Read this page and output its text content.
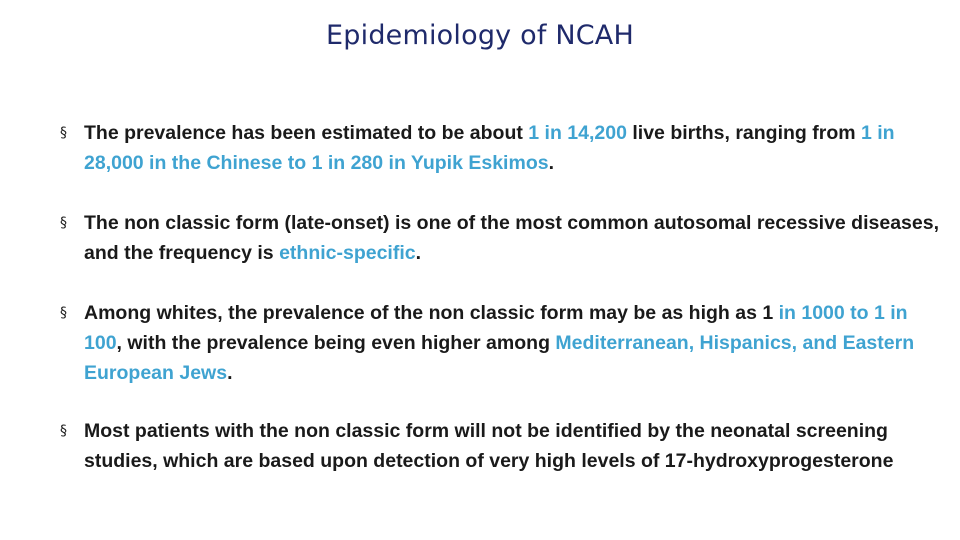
Epidemiology of NCAH
§ The prevalence has been estimated to be about 1 in 14,200 live births, ranging from 1 in 28,000 in the Chinese to 1 in 280 in Yupik Eskimos.
§ The non classic form (late-onset) is one of the most common autosomal recessive diseases, and the frequency is ethnic-specific.
§ Among whites, the prevalence of the non classic form may be as high as 1 in 1000 to 1 in 100, with the prevalence being even higher among Mediterranean, Hispanics, and Eastern European Jews.
§ Most patients with the non classic form will not be identified by the neonatal screening studies, which are based upon detection of very high levels of 17-hydroxyprogesterone
